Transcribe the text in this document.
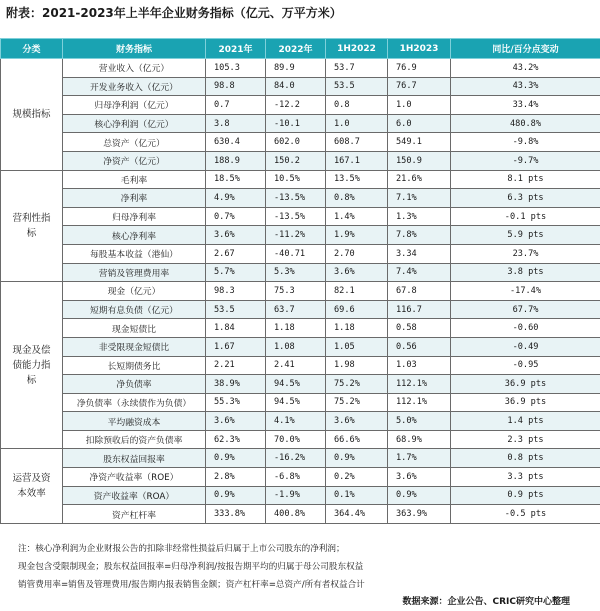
附表：2021-2023年上半年企业财务指标（亿元、万平方米）
分类	财务指标	2021年	2022年	1H2022	1H2023	同比/百分点变动
规模指标	营业收入（亿元）	105.3	89.9	53.7	76.9	43.2%
	开发业务收入（亿元）	98.8	84.0	53.5	76.7	43.3%
	归母净利润（亿元）	0.7	-12.2	0.8	1.0	33.4%
	核心净利润（亿元）	3.8	-10.1	1.0	6.0	480.8%
	总资产（亿元）	630.4	602.0	608.7	549.1	-9.8%
	净资产（亿元）	188.9	150.2	167.1	150.9	-9.7%
营利性指标	毛利率	18.5%	10.5%	13.5%	21.6%	8.1 pts
	净利率	4.9%	-13.5%	0.8%	7.1%	6.3 pts
	归母净利率	0.7%	-13.5%	1.4%	1.3%	-0.1 pts
	核心净利率	3.6%	-11.2%	1.9%	7.8%	5.9 pts
	每股基本收益（港仙）	2.67	-40.71	2.70	3.34	23.7%
	营销及管理费用率	5.7%	5.3%	3.6%	7.4%	3.8 pts
现金及偿债能力指标	现金（亿元）	98.3	75.3	82.1	67.8	-17.4%
	短期有息负债（亿元）	53.5	63.7	69.6	116.7	67.7%
	现金短债比	1.84	1.18	1.18	0.58	-0.60
	非受限现金短债比	1.67	1.08	1.05	0.56	-0.49
	长短期债务比	2.21	2.41	1.98	1.03	-0.95
	净负债率	38.9%	94.5%	75.2%	112.1%	36.9 pts
	净负债率（永续债作为负债）	55.3%	94.5%	75.2%	112.1%	36.9 pts
	平均融资成本	3.6%	4.1%	3.6%	5.0%	1.4 pts
	扣除预收后的资产负债率	62.3%	70.0%	66.6%	68.9%	2.3 pts
运营及资本效率	股东权益回报率	0.9%	-16.2%	0.9%	1.7%	0.8 pts
	净资产收益率（ROE）	2.8%	-6.8%	0.2%	3.6%	3.3 pts
	资产收益率（ROA）	0.9%	-1.9%	0.1%	0.9%	0.9 pts
	资产杠杆率	333.8%	400.8%	364.4%	363.9%	-0.5 pts
注：核心净利润为企业财报公告的扣除非经常性损益后归属于上市公司股东的净利润；
现金包含受限制现金；股东权益回报率=归母净利润/按报告期平均的归属于母公司股东权益
销管费用率=销售及管理费用/报告期内报表销售金额；资产杠杆率=总资产/所有者权益合计
数据来源：企业公告、CRIC研究中心整理
